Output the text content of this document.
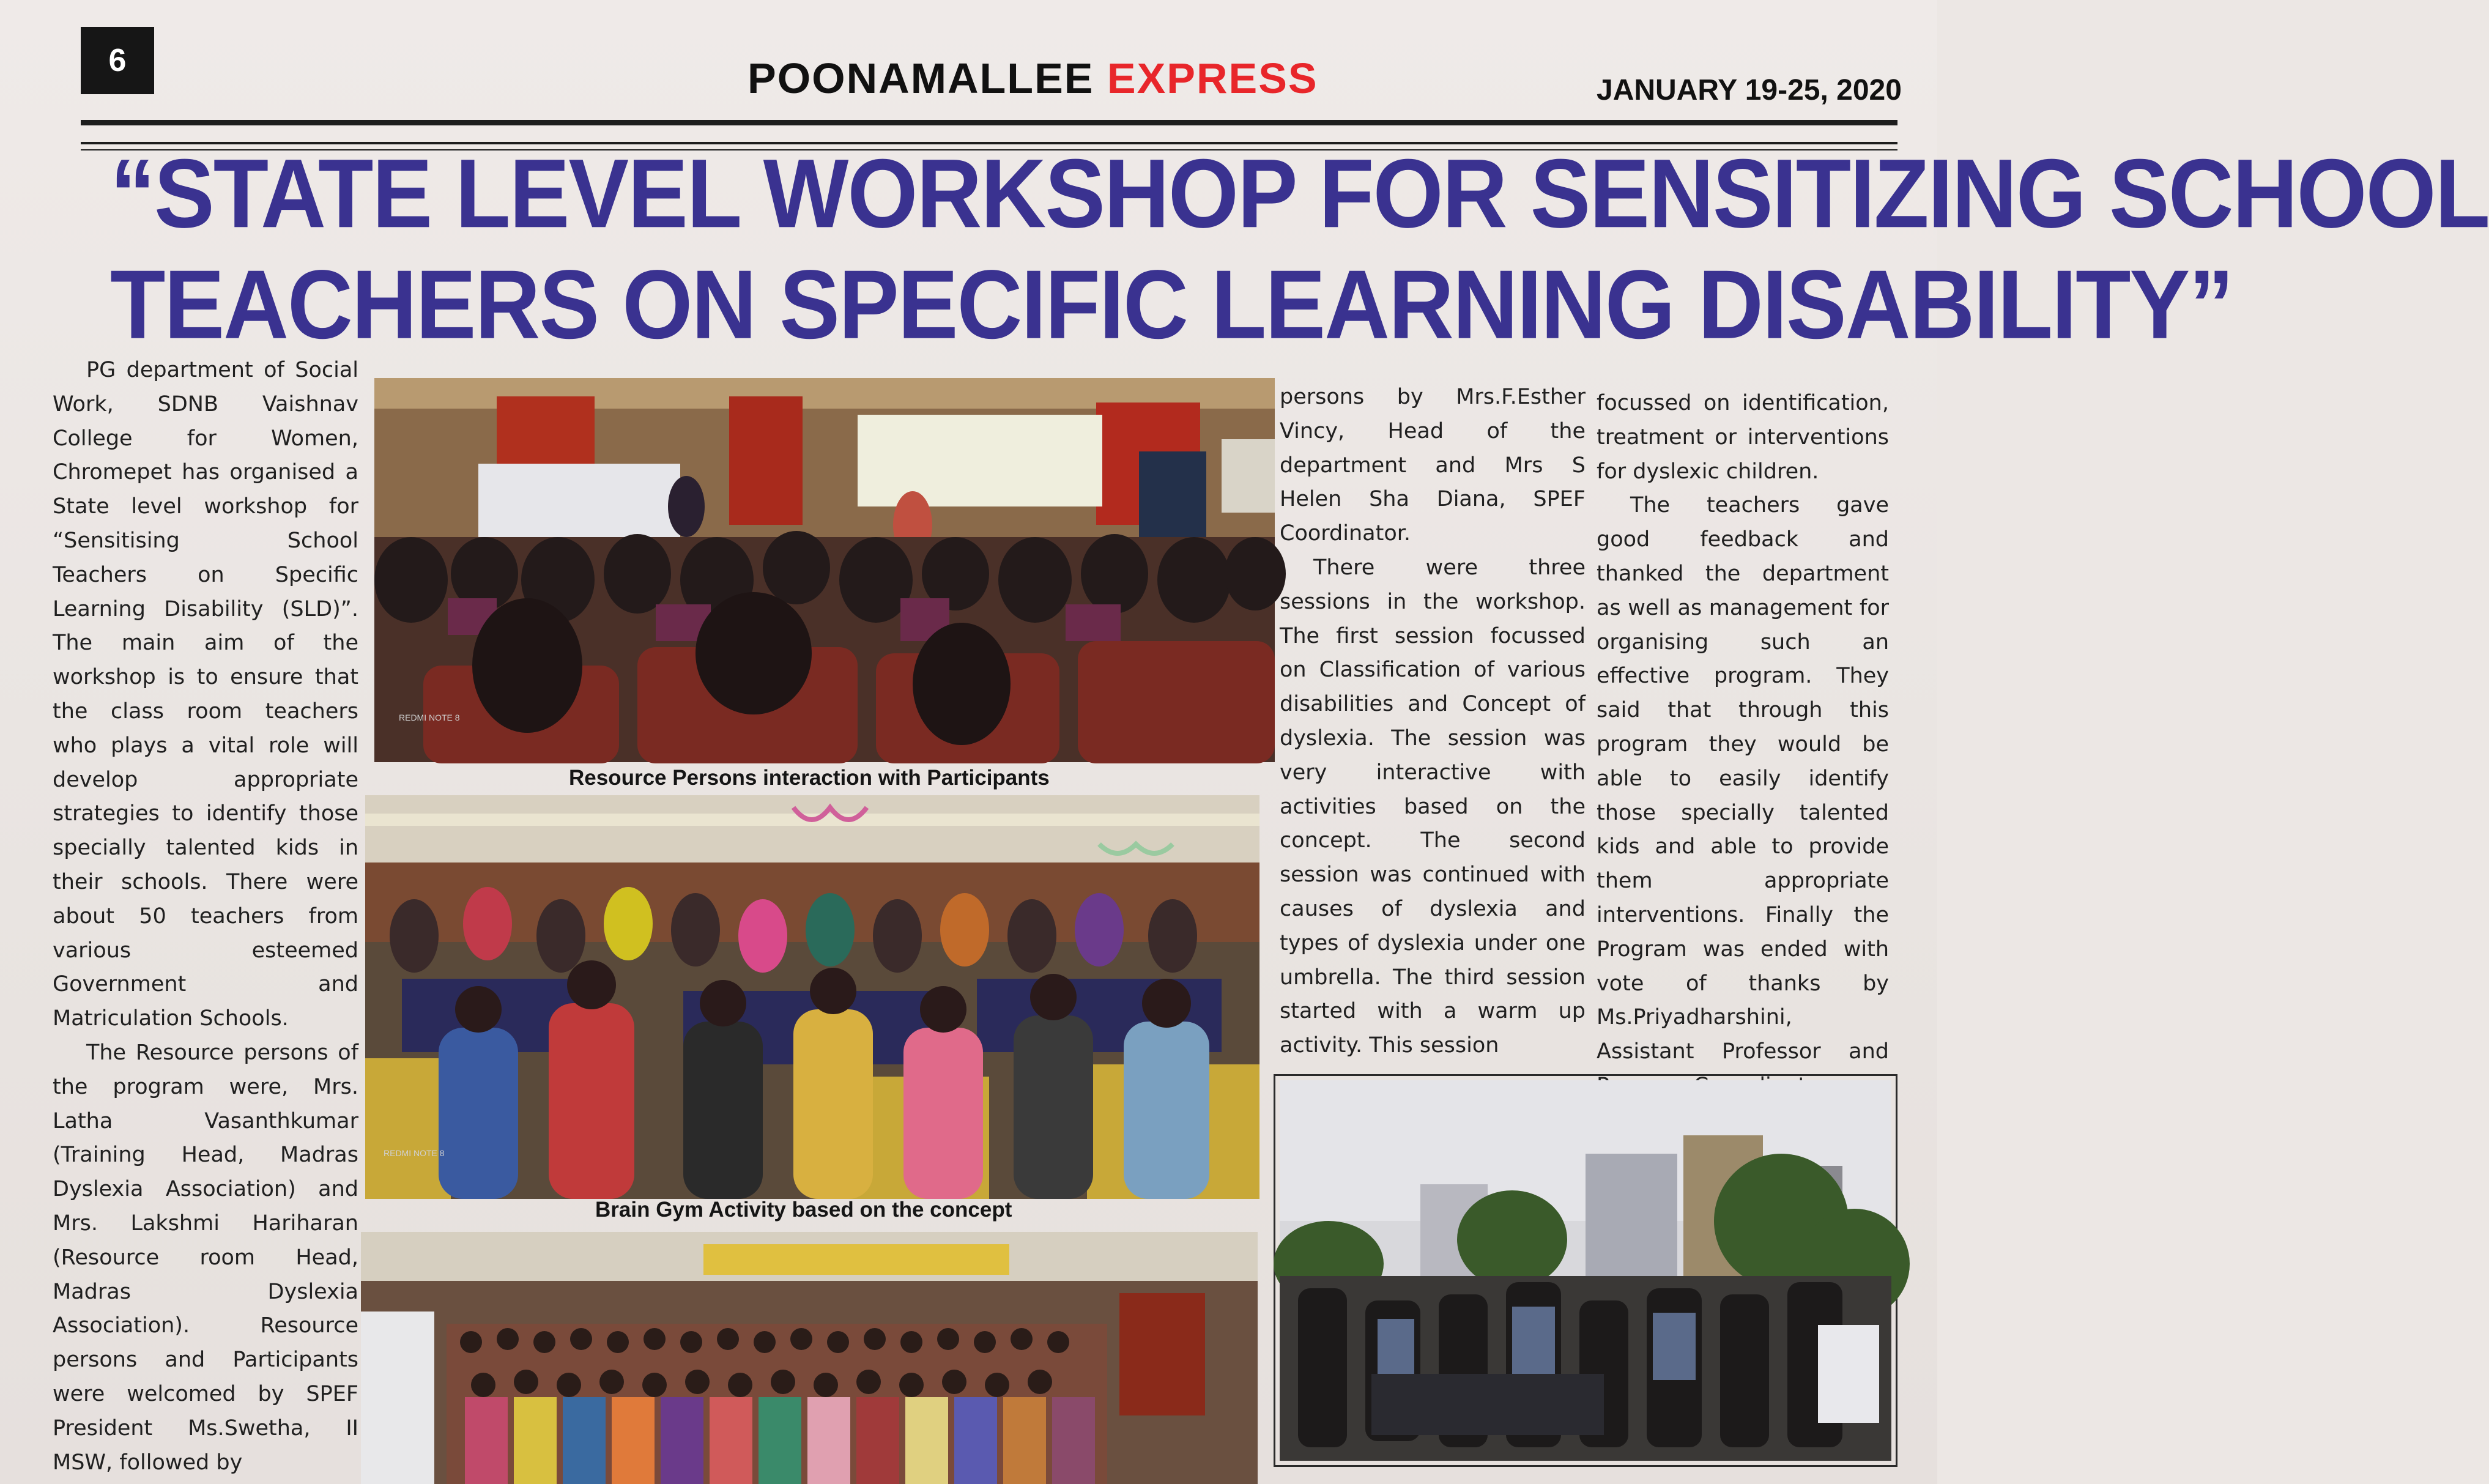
6	POONAMALLEE EXPRESS	JANUARY 19-25, 2020
“STATE LEVEL WORKSHOP FOR SENSITIZING SCHOOL
TEACHERS ON SPECIFIC LEARNING DISABILITY”

PG department of Social Work, SDNB Vaishnav College for Women, Chromepet has organised a State level workshop for “Sensitising School Teachers on Specific Learning Disability (SLD)”. The main aim of the workshop is to ensure that the class room teachers who plays a vital role will develop appropriate strategies to identify those specially talented kids in their schools. There were about 50 teachers from various esteemed Government and Matriculation Schools.

The Resource persons of the program were, Mrs. Latha Vasanthkumar (Training Head, Madras Dyslexia Association) and Mrs. Lakshmi Hariharan (Resource room Head, Madras Dyslexia Association). Resource persons and Participants were welcomed by SPEF President Ms.Swetha, II MSW, followed by

REDMI NOTE 8
Resource Persons interaction with Participants
REDMI NOTE 8
Brain Gym Activity based on the concept

persons by Mrs.F.Esther Vincy, Head of the department and Mrs S Helen Sha Diana, SPEF Coordinator.

There were three sessions in the workshop. The first session focussed on Classification of various disabilities and Concept of dyslexia. The session was very interactive with activities based on the concept. The second session was continued with causes of dyslexia and types of dyslexia under one umbrella. The third session started with a warm up activity. This session

focussed on identification, treatment or interventions for dyslexic children.

The teachers gave good feedback and thanked the department as well as management for organising such an effective program. They said that through this program they would be able to easily identify those specially talented kids and able to provide them appropriate interventions. Finally the Program was ended with vote of thanks by Ms.Priyadharshini, Assistant Professor and
